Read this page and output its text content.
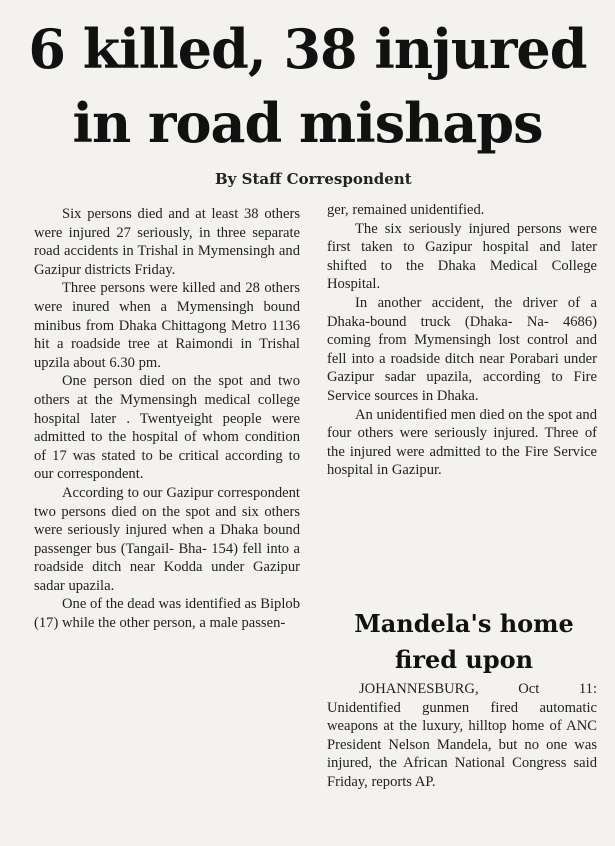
6 killed, 38 injured
in road mishaps
By Staff Correspondent

Six persons died and at least 38 others were injured 27 seriously, in three separate road accidents in Trishal in Mymensingh and Gazipur districts Friday.

Three persons were killed and 28 others were inured when a Mymensingh bound minibus from Dhaka Chittagong Metro 1136 hit a roadside tree at Raimondi in Trishal upzila about 6.30 pm.

One person died on the spot and two others at the Mymensingh medical college hospital later . Twentyeight people were admitted to the hospital of whom condition of 17 was stated to be critical according to our correspondent.

According to our Gazipur correspondent two persons died on the spot and six others were seriously injured when a Dhaka bound passenger bus (Tangail- Bha- 154) fell into a roadside ditch near Kodda under Gazipur sadar upazila.

One of the dead was identified as Biplob (17) while the other person, a male passen-

ger, remained unidentified.

The six seriously injured persons were first taken to Gazipur hospital and later shifted to the Dhaka Medical College Hospital.

In another accident, the driver of a Dhaka-bound truck (Dhaka- Na- 4686) coming from Mymensingh lost control and fell into a roadside ditch near Porabari under Gazipur sadar upazila, according to Fire Service sources in Dhaka.

An unidentified men died on the spot and four others were seriously injured. Three of the injured were admitted to the Fire Service hospital in Gazipur.

Mandela's home
fired upon

JOHANNESBURG, Oct 11: Unidentified gunmen fired automatic weapons at the luxury, hilltop home of ANC President Nelson Mandela, but no one was injured, the African National Congress said Friday, reports AP.
